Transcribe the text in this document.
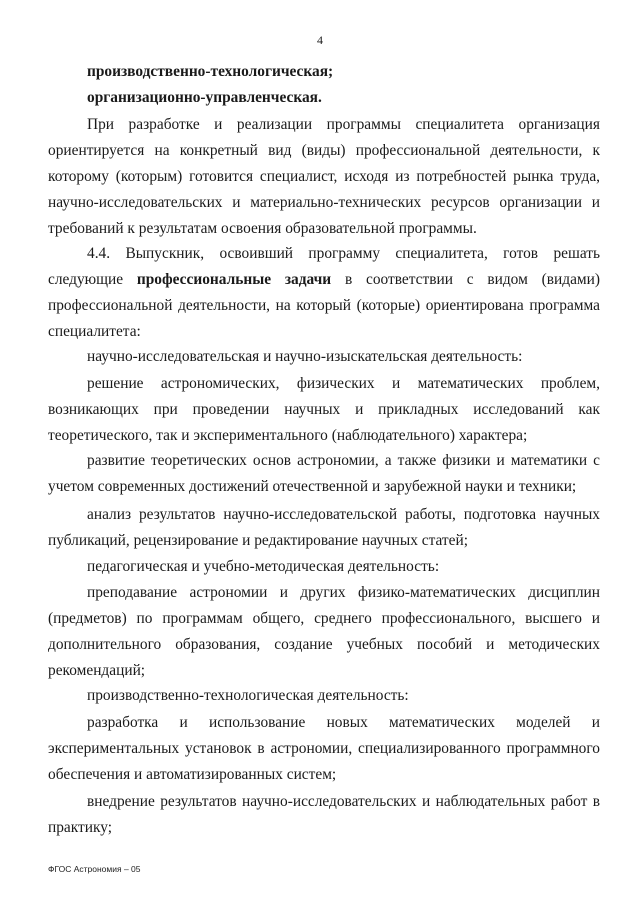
4
производственно-технологическая;
организационно-управленческая.
При разработке и реализации программы специалитета организация
ориентируется на конкретный вид (виды) профессиональной деятельности, к
которому (которым) готовится специалист, исходя из потребностей рынка труда,
научно-исследовательских и материально-технических ресурсов организации и
требований к результатам освоения образовательной программы.
4.4. Выпускник, освоивший программу специалитета, готов решать
следующие профессиональные задачи в соответствии с видом (видами)
профессиональной деятельности, на который (которые) ориентирована программа
специалитета:
научно-исследовательская и научно-изыскательская деятельность:
решение астрономических, физических и математических проблем,
возникающих при проведении научных и прикладных исследований как
теоретического, так и экспериментального (наблюдательного) характера;
развитие теоретических основ астрономии, а также физики и математики с
учетом современных достижений отечественной и зарубежной науки и техники;
анализ результатов научно-исследовательской работы, подготовка научных
публикаций, рецензирование и редактирование научных статей;
педагогическая и учебно-методическая деятельность:
преподавание астрономии и других физико-математических дисциплин
(предметов) по программам общего, среднего профессионального, высшего и
дополнительного образования, создание учебных пособий и методических
рекомендаций;
производственно-технологическая деятельность:
разработка и использование новых математических моделей и
экспериментальных установок в астрономии, специализированного программного
обеспечения и автоматизированных систем;
внедрение результатов научно-исследовательских и наблюдательных работ в
практику;
ФГОС Астрономия – 05
